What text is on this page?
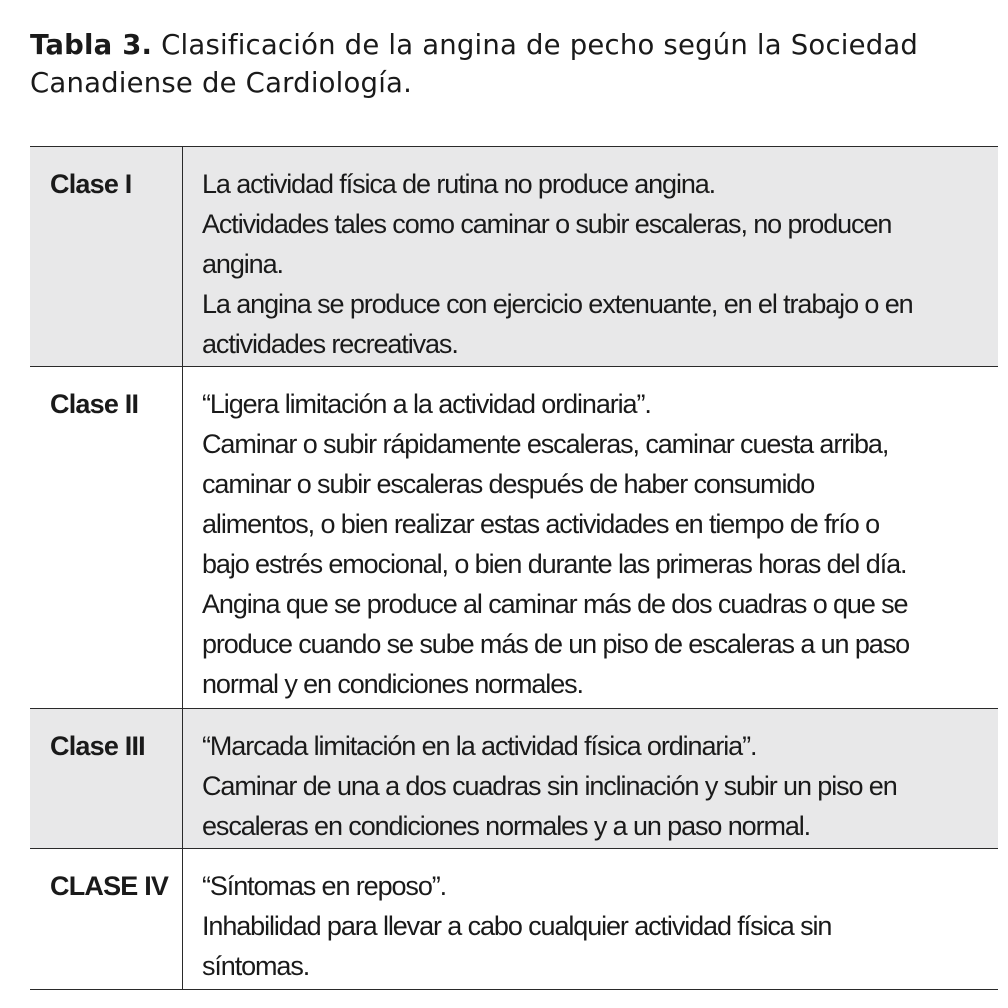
Tabla 3. Clasificación de la angina de pecho según la Sociedad Canadiense de Cardiología.
Clase I	La actividad física de rutina no produce angina.
Actividades tales como caminar o subir escaleras, no producen
angina.
La angina se produce con ejercicio extenuante, en el trabajo o en
actividades recreativas.
Clase II	“Ligera limitación a la actividad ordinaria”.
Caminar o subir rápidamente escaleras, caminar cuesta arriba,
caminar o subir escaleras después de haber consumido
alimentos, o bien realizar estas actividades en tiempo de frío o
bajo estrés emocional, o bien durante las primeras horas del día.
Angina que se produce al caminar más de dos cuadras o que se
produce cuando se sube más de un piso de escaleras a un paso
normal y en condiciones normales.
Clase III	“Marcada limitación en la actividad física ordinaria”.
Caminar de una a dos cuadras sin inclinación y subir un piso en
escaleras en condiciones normales y a un paso normal.
CLASE IV	“Síntomas en reposo”.
Inhabilidad para llevar a cabo cualquier actividad física sin
síntomas.
